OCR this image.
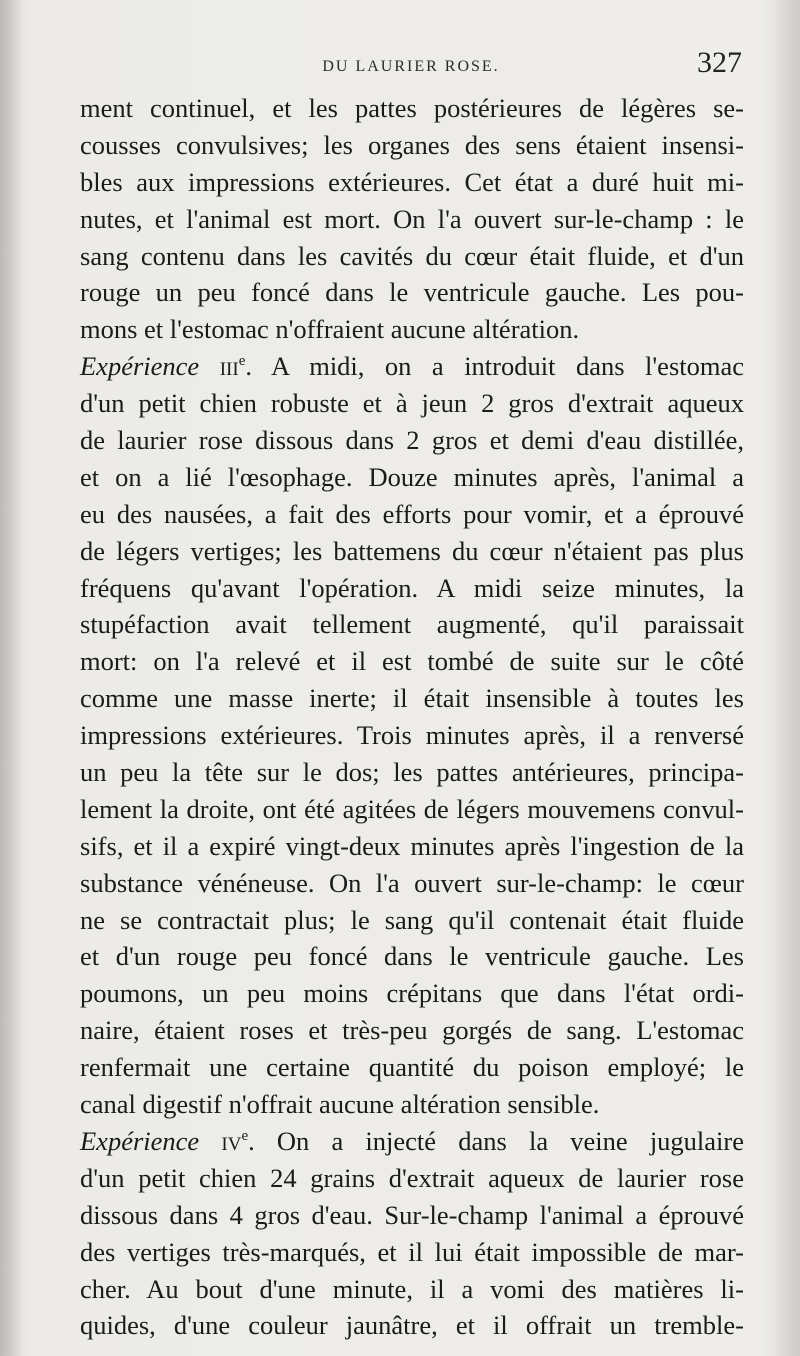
DU LAURIER ROSE.	327
ment continuel, et les pattes postérieures de légères se-
cousses convulsives; les organes des sens étaient insensi-
bles aux impressions extérieures. Cet état a duré huit mi-
nutes, et l'animal est mort. On l'a ouvert sur-le-champ : le
sang contenu dans les cavités du cœur était fluide, et d'un
rouge un peu foncé dans le ventricule gauche. Les pou-
mons et l'estomac n'offraient aucune altération.
Expérience iii$^e$. A midi, on a introduit dans l'estomac
d'un petit chien robuste et à jeun 2 gros d'extrait aqueux
de laurier rose dissous dans 2 gros et demi d'eau distillée,
et on a lié l'œsophage. Douze minutes après, l'animal a
eu des nausées, a fait des efforts pour vomir, et a éprouvé
de légers vertiges; les battemens du cœur n'étaient pas plus
fréquens qu'avant l'opération. A midi seize minutes, la
stupéfaction avait tellement augmenté, qu'il paraissait
mort: on l'a relevé et il est tombé de suite sur le côté
comme une masse inerte; il était insensible à toutes les
impressions extérieures. Trois minutes après, il a renversé
un peu la tête sur le dos; les pattes antérieures, principa-
lement la droite, ont été agitées de légers mouvemens convul-
sifs, et il a expiré vingt-deux minutes après l'ingestion de la
substance vénéneuse. On l'a ouvert sur-le-champ: le cœur
ne se contractait plus; le sang qu'il contenait était fluide
et d'un rouge peu foncé dans le ventricule gauche. Les
poumons, un peu moins crépitans que dans l'état ordi-
naire, étaient roses et très-peu gorgés de sang. L'estomac
renfermait une certaine quantité du poison employé; le
canal digestif n'offrait aucune altération sensible.
Expérience $iv^e$. On a injecté dans la veine jugulaire
d'un petit chien 24 grains d'extrait aqueux de laurier rose
dissous dans 4 gros d'eau. Sur-le-champ l'animal a éprouvé
des vertiges très-marqués, et il lui était impossible de mar-
cher. Au bout d'une minute, il a vomi des matières li-
quides, d'une couleur jaunâtre, et il offrait un tremble-
